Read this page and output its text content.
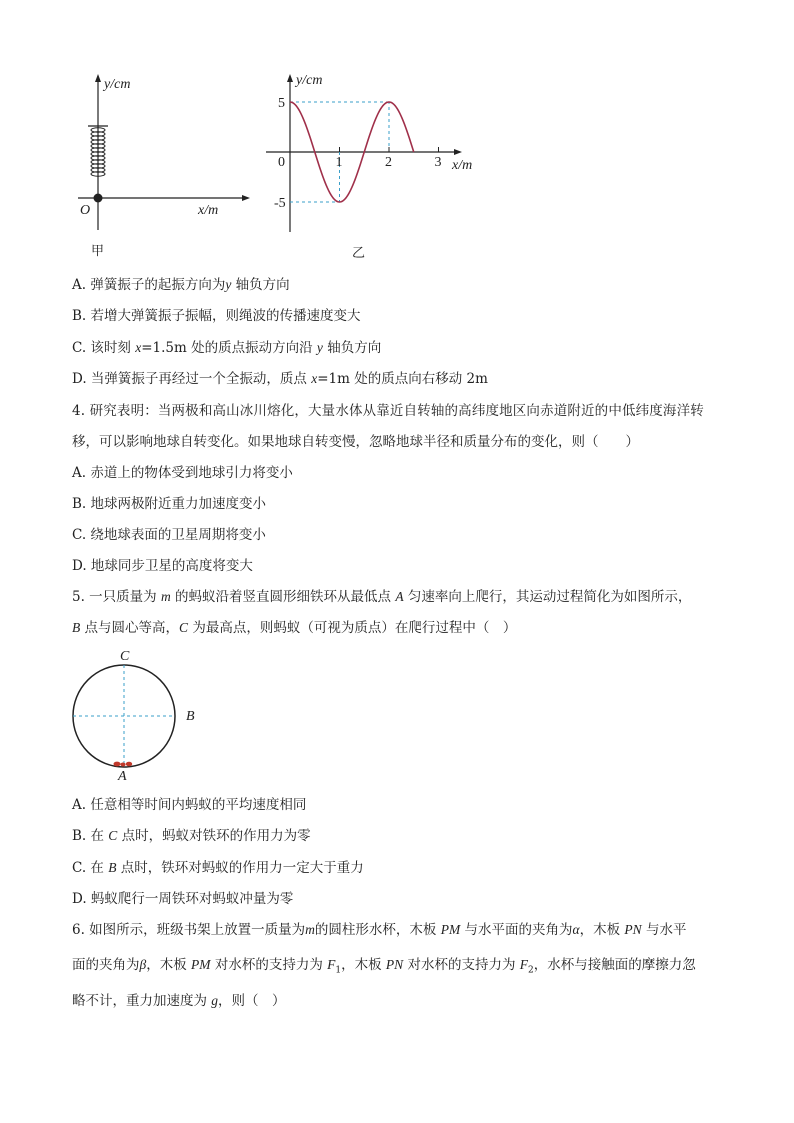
y/cm
x/m
O
甲
0	1	2	3
5
-5
y/cm
x/m
乙
A. 弹簧振子的起振方向为y 轴负方向
B. 若增大弹簧振子振幅，则绳波的传播速度变大
C. 该时刻 x=1.5m 处的质点振动方向沿 y 轴负方向
D. 当弹簧振子再经过一个全振动，质点 x=1m 处的质点向右移动 2m
4. 研究表明：当两极和高山冰川熔化，大量水体从靠近自转轴的高纬度地区向赤道附近的中低纬度海洋转
移，可以影响地球自转变化。如果地球自转变慢，忽略地球半径和质量分布的变化，则（　　）
A. 赤道上的物体受到地球引力将变小
B. 地球两极附近重力加速度变小
C. 绕地球表面的卫星周期将变小
D. 地球同步卫星的高度将变大
5. 一只质量为 m 的蚂蚁沿着竖直圆形细铁环从最低点 A 匀速率向上爬行，其运动过程简化为如图所示，
B 点与圆心等高，C 为最高点，则蚂蚁（可视为质点）在爬行过程中（　）
C
B
A
A. 任意相等时间内蚂蚁的平均速度相同
B. 在 C 点时，蚂蚁对铁环的作用力为零
C. 在 B 点时，铁环对蚂蚁的作用力一定大于重力
D. 蚂蚁爬行一周铁环对蚂蚁冲量为零
6. 如图所示，班级书架上放置一质量为m的圆柱形水杯，木板 PM 与水平面的夹角为α，木板 PN 与水平
面的夹角为β，木板 PM 对水杯的支持力为 $F_1$，木板 PN 对水杯的支持力为 $F_2$，水杯与接触面的摩擦力忽
略不计，重力加速度为 g，则（　）
